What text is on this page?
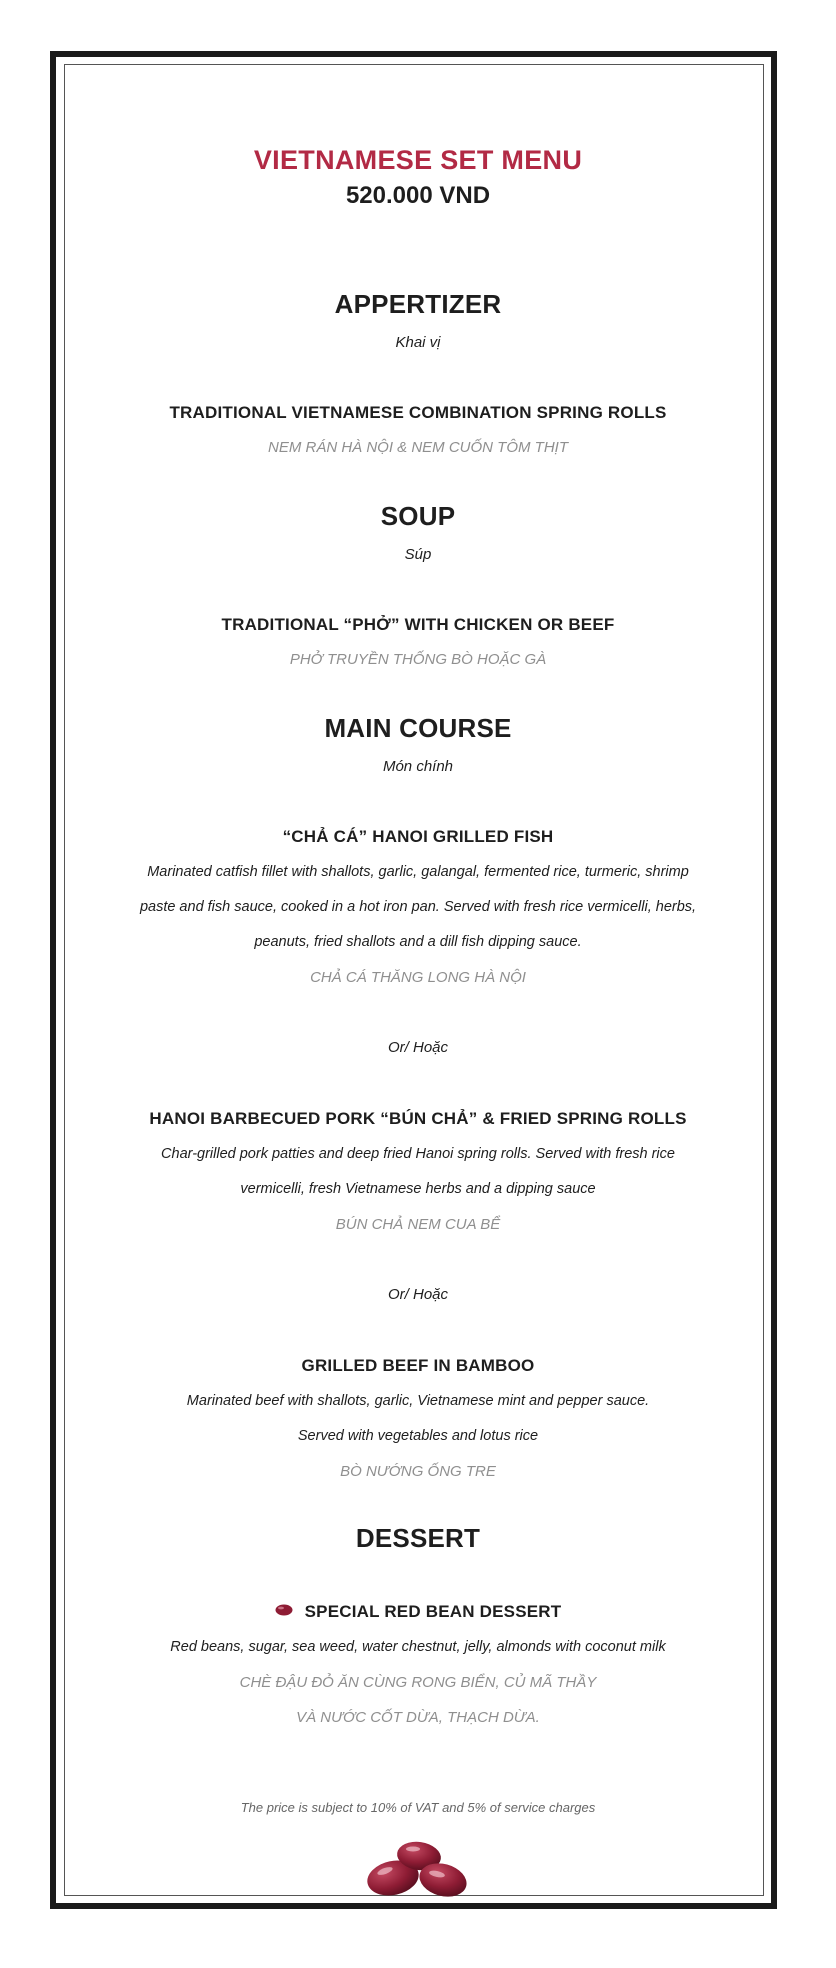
VIETNAMESE SET MENU
520.000 VND
APPERTIZER
Khai vị
TRADITIONAL VIETNAMESE COMBINATION SPRING ROLLS
NEM RÁN HÀ NỘI & NEM CUỐN TÔM THỊT
SOUP
Súp
TRADITIONAL “PHỞ” WITH CHICKEN OR BEEF
PHỞ TRUYỀN THỐNG BÒ HOẶC GÀ
MAIN COURSE
Món chính
“CHẢ CÁ” HANOI GRILLED FISH
Marinated catfish fillet with shallots, garlic, galangal, fermented rice, turmeric, shrimp
paste and fish sauce, cooked in a hot iron pan. Served with fresh rice vermicelli, herbs,
peanuts, fried shallots and a dill fish dipping sauce.
CHẢ CÁ THĂNG LONG HÀ NỘI
Or/ Hoặc
HANOI BARBECUED PORK “BÚN CHẢ” & FRIED SPRING ROLLS
Char-grilled pork patties and deep fried Hanoi spring rolls. Served with fresh rice
vermicelli, fresh Vietnamese herbs and a dipping sauce
BÚN CHẢ NEM CUA BỂ
Or/ Hoặc
GRILLED BEEF IN BAMBOO
Marinated beef with shallots, garlic, Vietnamese mint and pepper sauce.
Served with vegetables and lotus rice
BÒ NƯỚNG ỐNG TRE
DESSERT
SPECIAL RED BEAN DESSERT
Red beans, sugar, sea weed, water chestnut, jelly, almonds with coconut milk
CHÈ ĐẬU ĐỎ ĂN CÙNG RONG BIỂN, CỦ MÃ THẦY
VÀ NƯỚC CỐT DỪA, THẠCH DỪA.
The price is subject to 10% of VAT and 5% of service charges
